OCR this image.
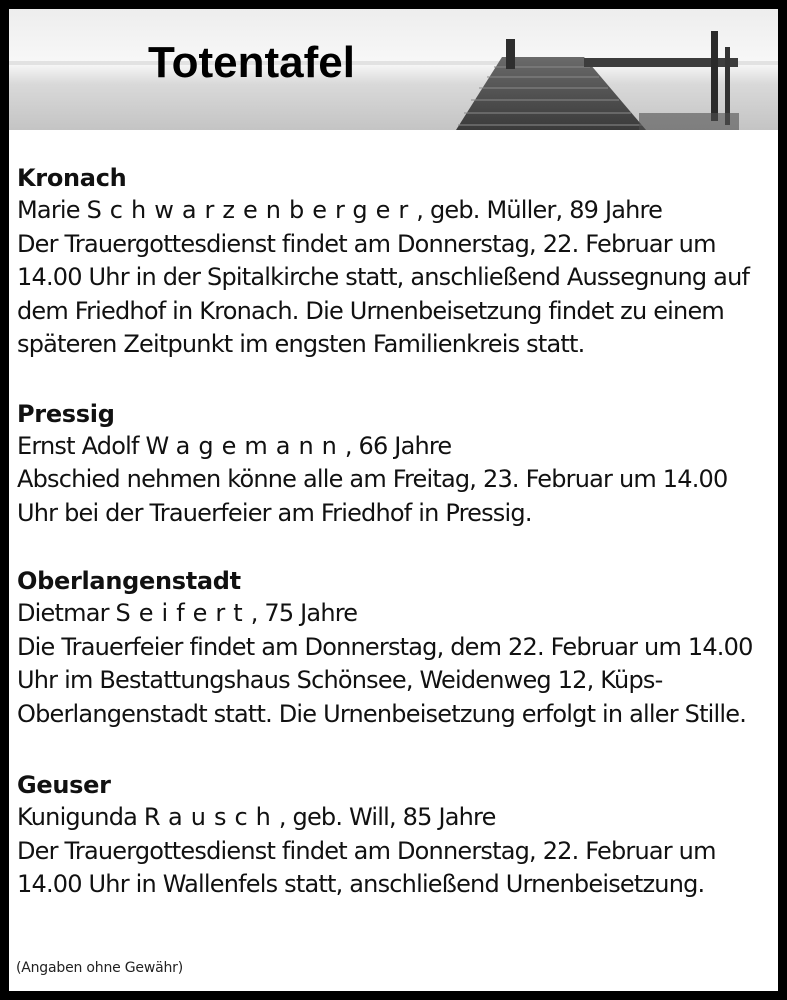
Totentafel

Kronach

Marie Schwarzenberger, geb. Müller, 89 Jahre

Der Trauergottesdienst findet am Donnerstag, 22. Februar um

14.00 Uhr in der Spitalkirche statt, anschließend Aussegnung auf

dem Friedhof in Kronach. Die Urnenbeisetzung findet zu einem

späteren Zeitpunkt im engsten Familienkreis statt.

Pressig

Ernst Adolf Wagemann, 66 Jahre

Abschied nehmen könne alle am Freitag, 23. Februar um 14.00

Uhr bei der Trauerfeier am Friedhof in Pressig.

Oberlangenstadt

Dietmar Seifert, 75 Jahre

Die Trauerfeier findet am Donnerstag, dem 22. Februar um 14.00

Uhr im Bestattungshaus Schönsee, Weidenweg 12, Küps-

Oberlangenstadt statt. Die Urnenbeisetzung erfolgt in aller Stille.

Geuser

Kunigunda Rausch, geb. Will, 85 Jahre

Der Trauergottesdienst findet am Donnerstag, 22. Februar um

14.00 Uhr in Wallenfels statt, anschließend Urnenbeisetzung.

(Angaben ohne Gewähr)
